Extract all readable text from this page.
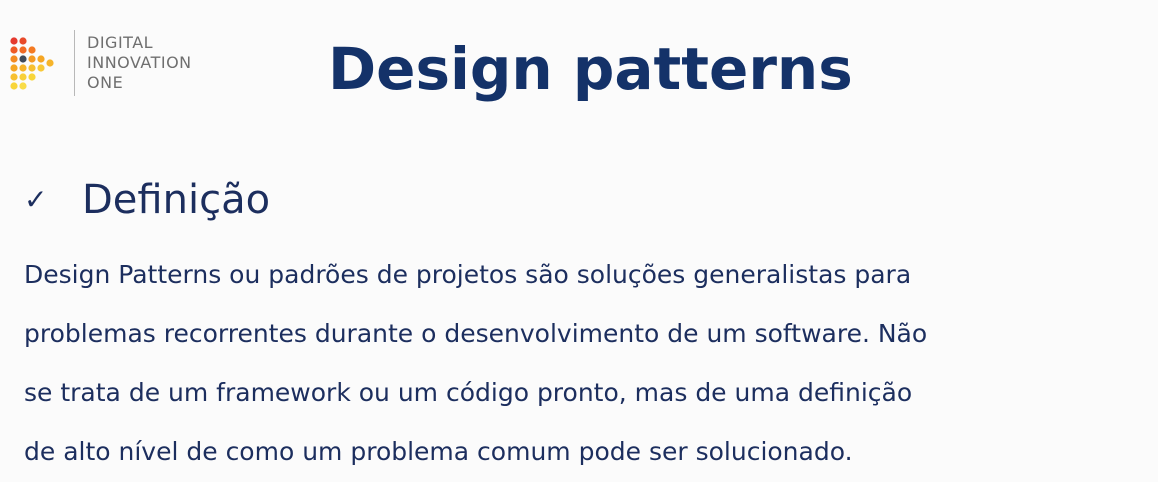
DIGITAL
INNOVATION
ONE	Design patterns
✓ Definição
Design Patterns ou padrões de projetos são soluções generalistas para
problemas recorrentes durante o desenvolvimento de um software. Não
se trata de um framework ou um código pronto, mas de uma definição
de alto nível de como um problema comum pode ser solucionado.
